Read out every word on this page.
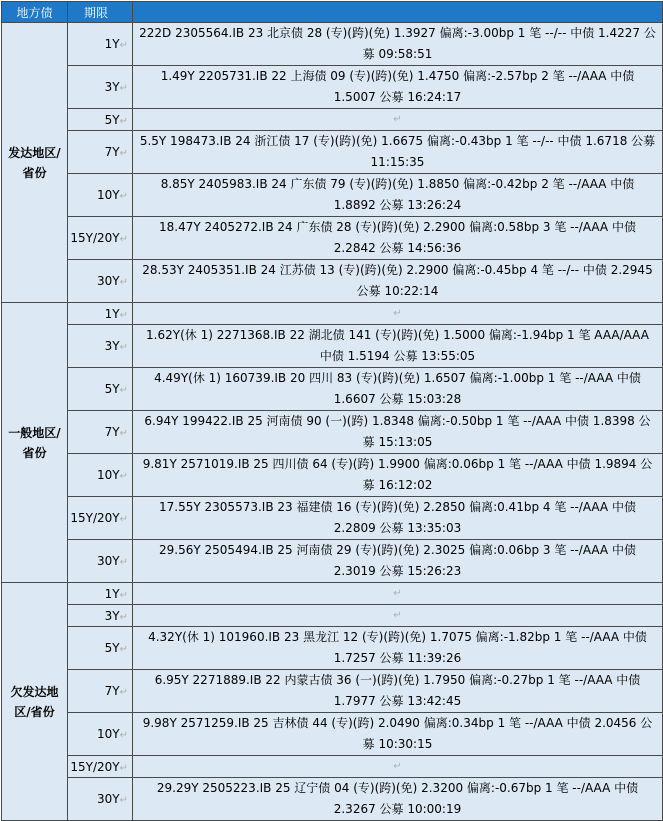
地方债	期限	
发达地区/省份	1Y↵	222D 2305564.IB 23 北京债 28 (专)(跨)(免) 1.3927 偏离:-3.00bp 1 笔 --/-- 中债 1.4227 公募 09:58:51
	3Y↵	1.49Y 2205731.IB 22 上海债 09 (专)(跨)(免) 1.4750 偏离:-2.57bp 2 笔 --/AAA 中债 1.5007 公募 16:24:17
	5Y↵	↵
	7Y↵	5.5Y 198473.IB 24 浙江债 17 (专)(跨)(免) 1.6675 偏离:-0.43bp 1 笔 --/-- 中债 1.6718 公募 11:15:35
	10Y↵	8.85Y 2405983.IB 24 广东债 79 (专)(跨)(免) 1.8850 偏离:-0.42bp 2 笔 --/AAA 中债 1.8892 公募 13:26:24
	15Y/20Y↵	18.47Y 2405272.IB 24 广东债 28 (专)(跨)(免) 2.2900 偏离:0.58bp 3 笔 --/AAA 中债 2.2842 公募 14:56:36
	30Y↵	28.53Y 2405351.IB 24 江苏债 13 (专)(跨)(免) 2.2900 偏离:-0.45bp 4 笔 --/-- 中债 2.2945 公募 10:22:14
一般地区/省份	1Y↵	↵
	3Y↵	1.62Y(休 1) 2271368.IB 22 湖北债 141 (专)(跨)(免) 1.5000 偏离:-1.94bp 1 笔 AAA/AAA 中债 1.5194 公募 13:55:05
	5Y↵	4.49Y(休 1) 160739.IB 20 四川 83 (专)(跨)(免) 1.6507 偏离:-1.00bp 1 笔 --/AAA 中债 1.6607 公募 15:03:28
	7Y↵	6.94Y 199422.IB 25 河南债 90 (一)(跨) 1.8348 偏离:-0.50bp 1 笔 --/AAA 中债 1.8398 公募 15:13:05
	10Y↵	9.81Y 2571019.IB 25 四川债 64 (专)(跨) 1.9900 偏离:0.06bp 1 笔 --/AAA 中债 1.9894 公募 16:12:02
	15Y/20Y↵	17.55Y 2305573.IB 23 福建债 16 (专)(跨)(免) 2.2850 偏离:0.41bp 4 笔 --/AAA 中债 2.2809 公募 13:35:03
	30Y↵	29.56Y 2505494.IB 25 河南债 29 (专)(跨)(免) 2.3025 偏离:0.06bp 3 笔 --/AAA 中债 2.3019 公募 15:26:23
欠发达地区/省份	1Y↵	↵
	3Y↵	↵
	5Y↵	4.32Y(休 1) 101960.IB 23 黑龙江 12 (专)(跨)(免) 1.7075 偏离:-1.82bp 1 笔 --/AAA 中债 1.7257 公募 11:39:26
	7Y↵	6.95Y 2271889.IB 22 内蒙古债 36 (一)(跨)(免) 1.7950 偏离:-0.27bp 1 笔 --/AAA 中债 1.7977 公募 13:42:45
	10Y↵	9.98Y 2571259.IB 25 吉林债 44 (专)(跨) 2.0490 偏离:0.34bp 1 笔 --/AAA 中债 2.0456 公募 10:30:15
	15Y/20Y↵	↵
	30Y↵	29.29Y 2505223.IB 25 辽宁债 04 (专)(跨)(免) 2.3200 偏离:-0.67bp 1 笔 --/AAA 中债 2.3267 公募 10:00:19
